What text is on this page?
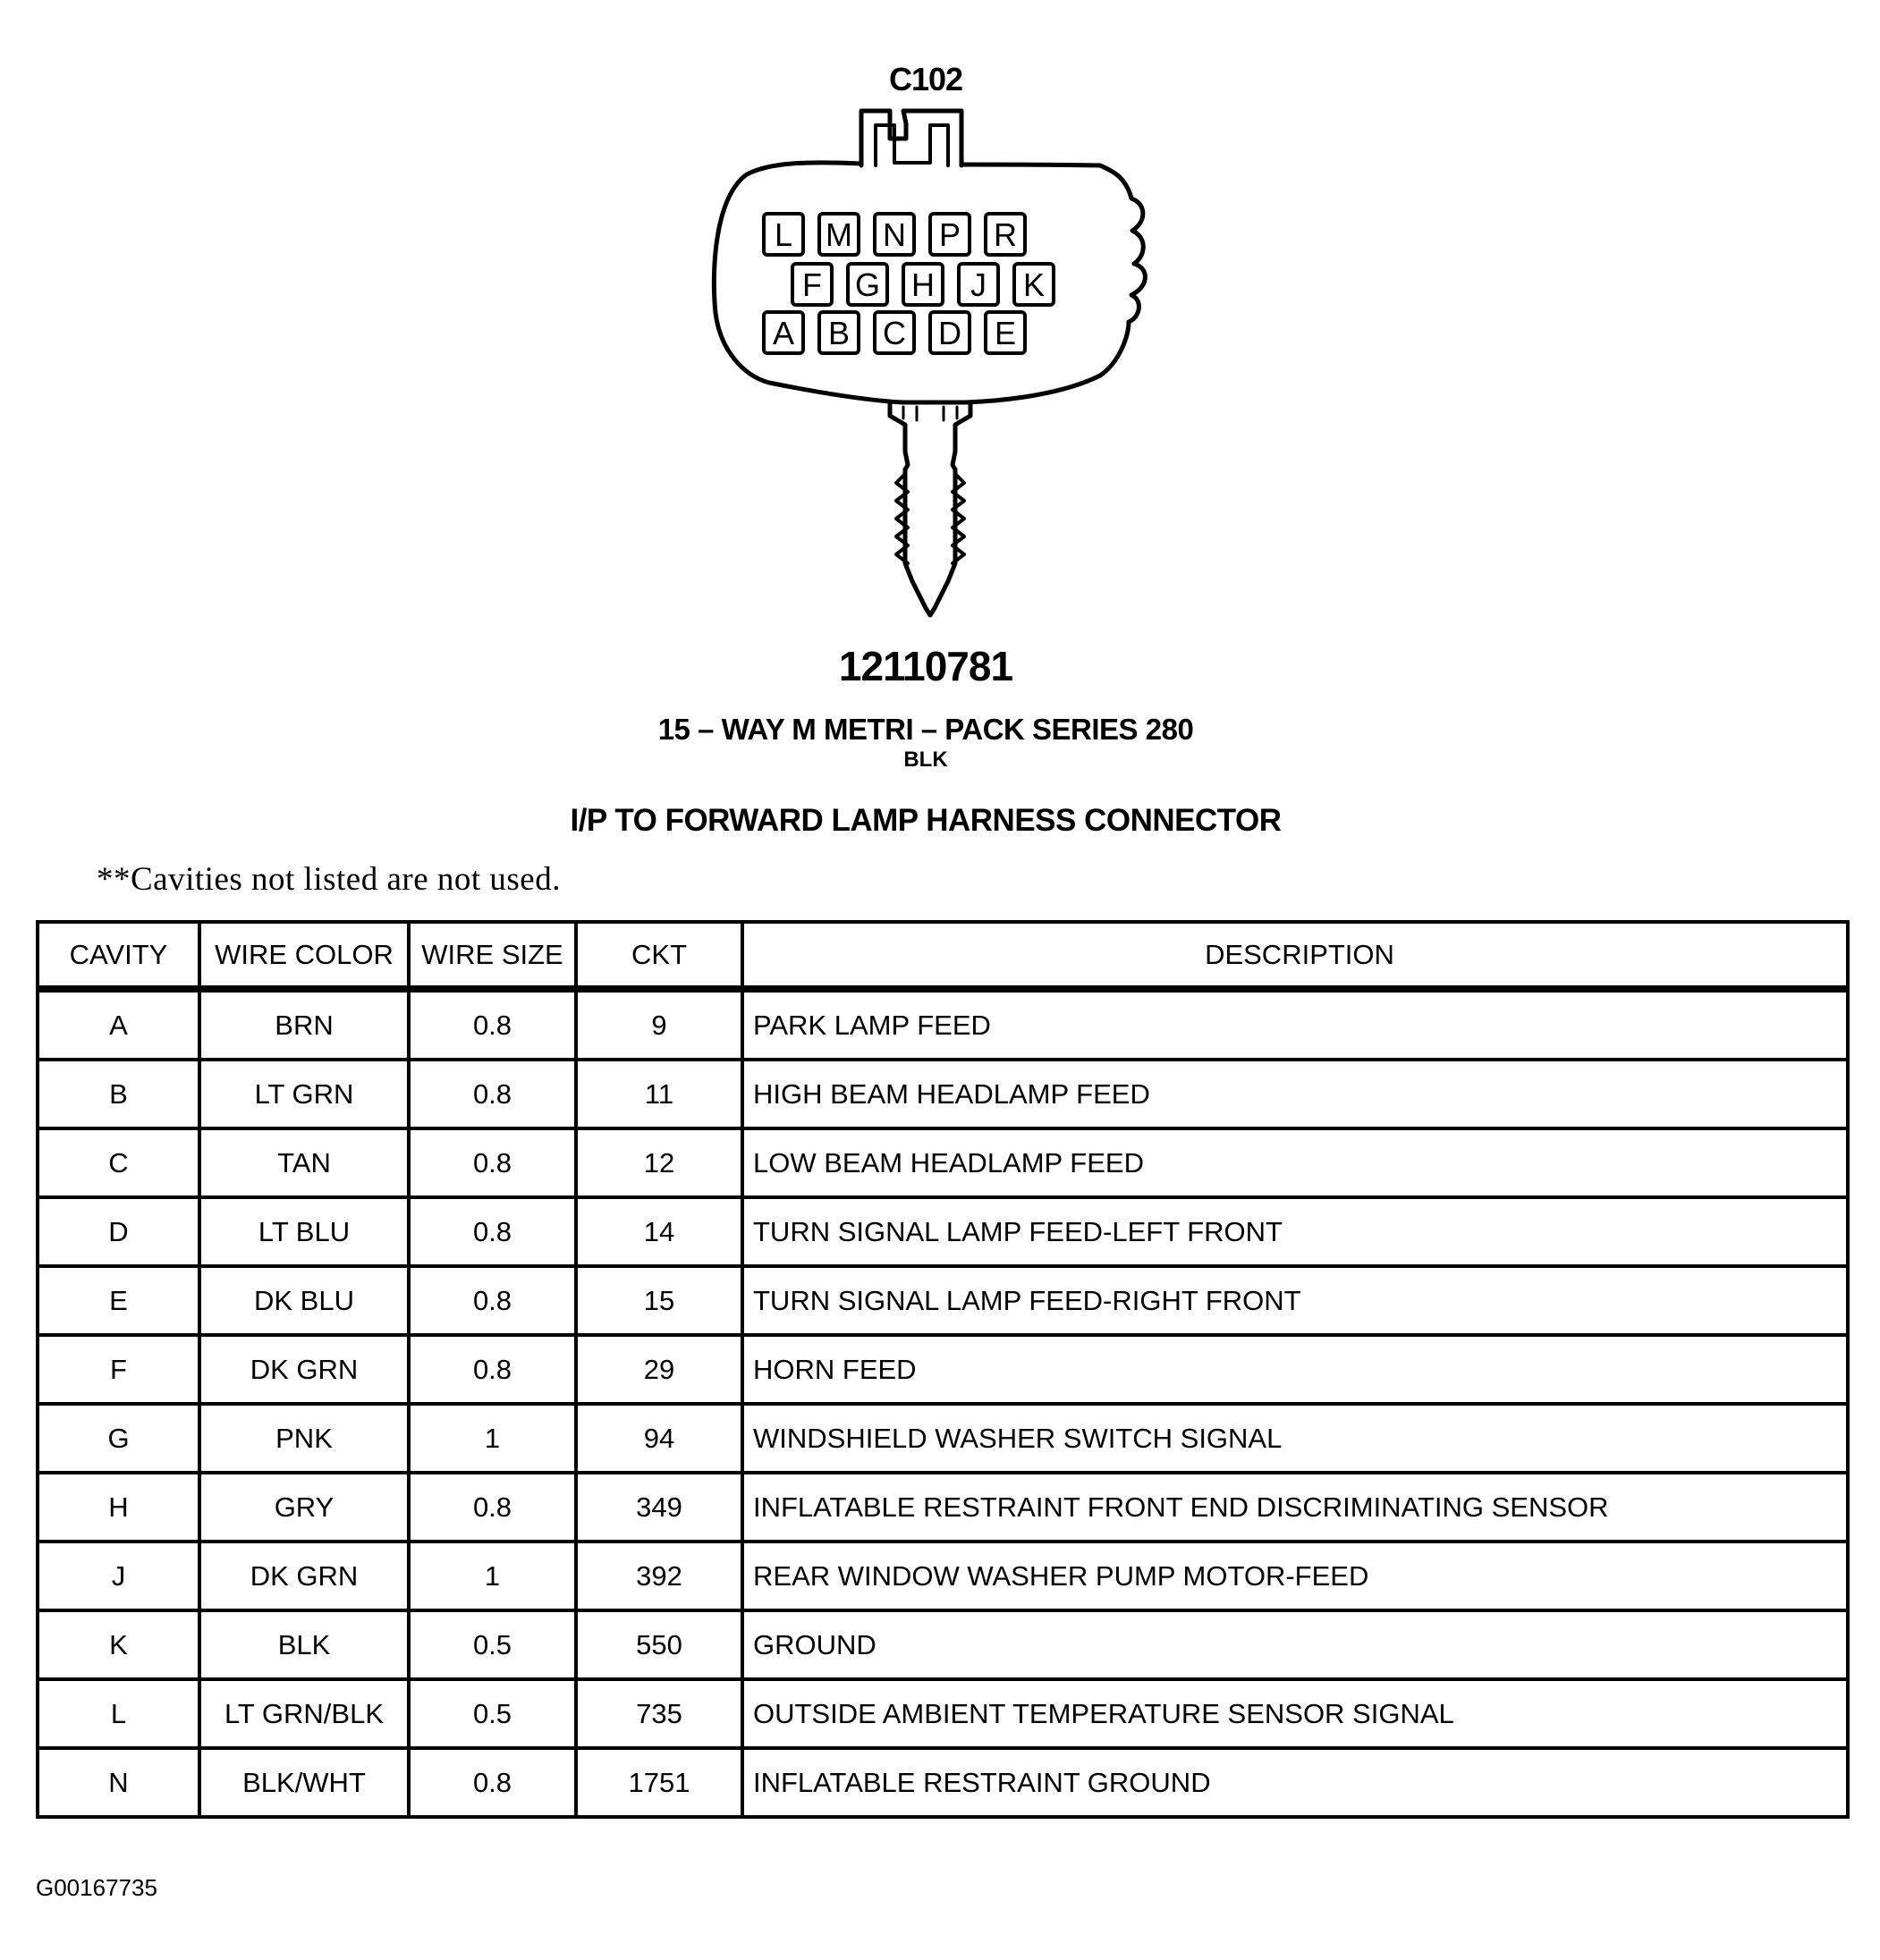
L M N P R
F G H J K
A B C D E
C102
12110781
15 – WAY M METRI – PACK SERIES 280
BLK
I/P TO FORWARD LAMP HARNESS CONNECTOR
**Cavities not listed are not used.
CAVITY	WIRE COLOR	WIRE SIZE	CKT	DESCRIPTION
A	BRN	0.8	9	PARK LAMP FEED
B	LT GRN	0.8	11	HIGH BEAM HEADLAMP FEED
C	TAN	0.8	12	LOW BEAM HEADLAMP FEED
D	LT BLU	0.8	14	TURN SIGNAL LAMP FEED-LEFT FRONT
E	DK BLU	0.8	15	TURN SIGNAL LAMP FEED-RIGHT FRONT
F	DK GRN	0.8	29	HORN FEED
G	PNK	1	94	WINDSHIELD WASHER SWITCH SIGNAL
H	GRY	0.8	349	INFLATABLE RESTRAINT FRONT END DISCRIMINATING SENSOR
J	DK GRN	1	392	REAR WINDOW WASHER PUMP MOTOR-FEED
K	BLK	0.5	550	GROUND
L	LT GRN/BLK	0.5	735	OUTSIDE AMBIENT TEMPERATURE SENSOR SIGNAL
N	BLK/WHT	0.8	1751	INFLATABLE RESTRAINT GROUND
G00167735
